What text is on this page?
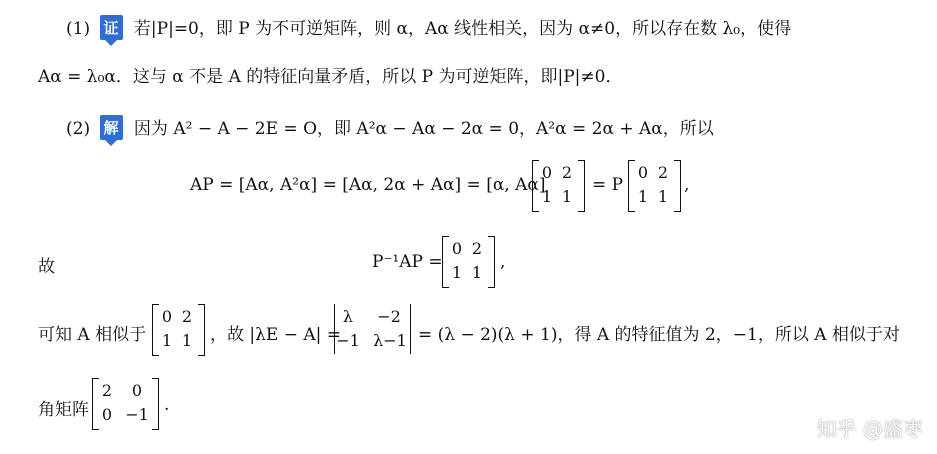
(1) 证 若|P|=0，即 P 为不可逆矩阵，则 α，Aα 线性相关，因为 α≠0，所以存在数 λ₀，使得
Aα = λ₀α．这与 α 不是 A 的特征向量矛盾，所以 P 为可逆矩阵，即|P|≠0．
(2) 解 因为 A² − A − 2E = O，即 A²α − Aα − 2α = 0，A²α = 2α + Aα，所以
AP = [Aα, A²α] = [Aα, 2α + Aα] = [α, Aα]
0 2
1 1
= P
0 2
1 1
,
故	P⁻¹AP =
0 2
1 1
,
可知 A 相似于
0 2
1 1 ，故 |λE − A| =
λ	−2
−1 λ−1 = (λ − 2)(λ + 1)，得 A 的特征值为 2，−1，所以 A 相似于对
角矩阵
2	0
0 −1 .
知乎 @盛枣
